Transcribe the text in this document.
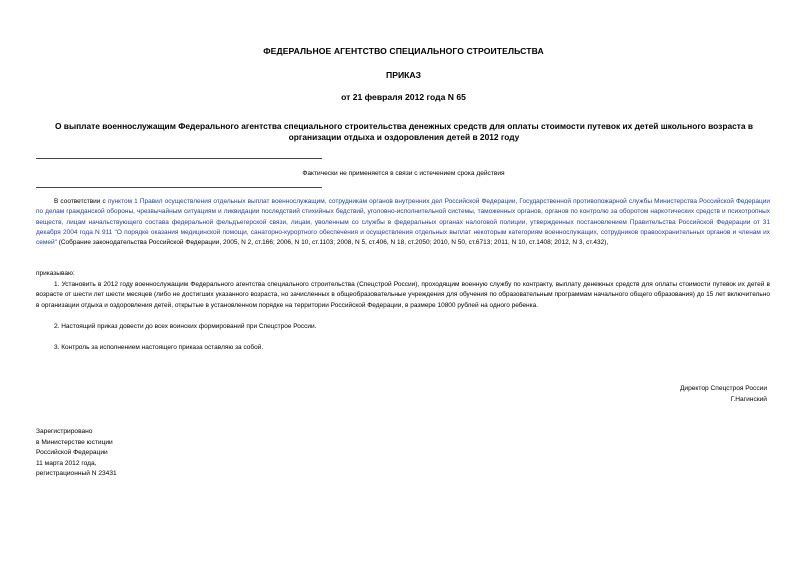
ФЕДЕРАЛЬНОЕ АГЕНТСТВО СПЕЦИАЛЬНОГО СТРОИТЕЛЬСТВА
ПРИКАЗ
от 21 февраля 2012 года N 65
О выплате военнослужащим Федерального агентства специального строительства денежных средств для оплаты стоимости путевок их детей школьного возраста в организации отдыха и оздоровления детей в 2012 году
Фактически не применяется в связи с истечением срока действия
В соответствии с пунктом 1 Правил осуществления отдельных выплат военнослужащим, сотрудникам органов внутренних дел Российской Федерации, Государственной противопожарной службы Министерства Российской Федерации по делам гражданской обороны, чрезвычайным ситуациям и ликвидации последствий стихийных бедствий, уголовно-исполнительной системы, таможенных органов, органов по контролю за оборотом наркотических средств и психотропных веществ, лицам начальствующего состава федеральной фельдъегерской связи, лицам, уволенным со службы в федеральных органах налоговой полиции, утвержденных постановлением Правительства Российской Федерации от 31 декабря 2004 года N 911 "О порядке оказания медицинской помощи, санаторно-курортного обеспечения и осуществления отдельных выплат некоторым категориям военнослужащих, сотрудников правоохранительных органов и членам их семей" (Собрание законодательства Российской Федерации, 2005, N 2, ст.166; 2006, N 10, ст.1103; 2008, N 5, ст.406, N 18, ст.2050; 2010, N 50, ст.6713; 2011, N 10, ст.1408; 2012, N 3, ст.432),
приказываю:
1. Установить в 2012 году военнослужащим Федерального агентства специального строительства (Спецстрой России), проходящим военную службу по контракту, выплату денежных средств для оплаты стоимости путевок их детей в возрасте от шести лет шести месяцев (либо не достигших указанного возраста, но зачисленных в общеобразовательные учреждения для обучения по образовательным программам начального общего образования) до 15 лет включительно в организации отдыха и оздоровления детей, открытые в установленном порядке на территории Российской Федерации, в размере 10800 рублей на одного ребенка.
2. Настоящий приказ довести до всех воинских формирований при Спецстрое России.
3. Контроль за исполнением настоящего приказа оставляю за собой.
Директор Спецстроя России
Г.Нагинский
Зарегистрировано
в Министерстве юстиции
Российской Федерации
11 марта 2012 года,
регистрационный N 23431
